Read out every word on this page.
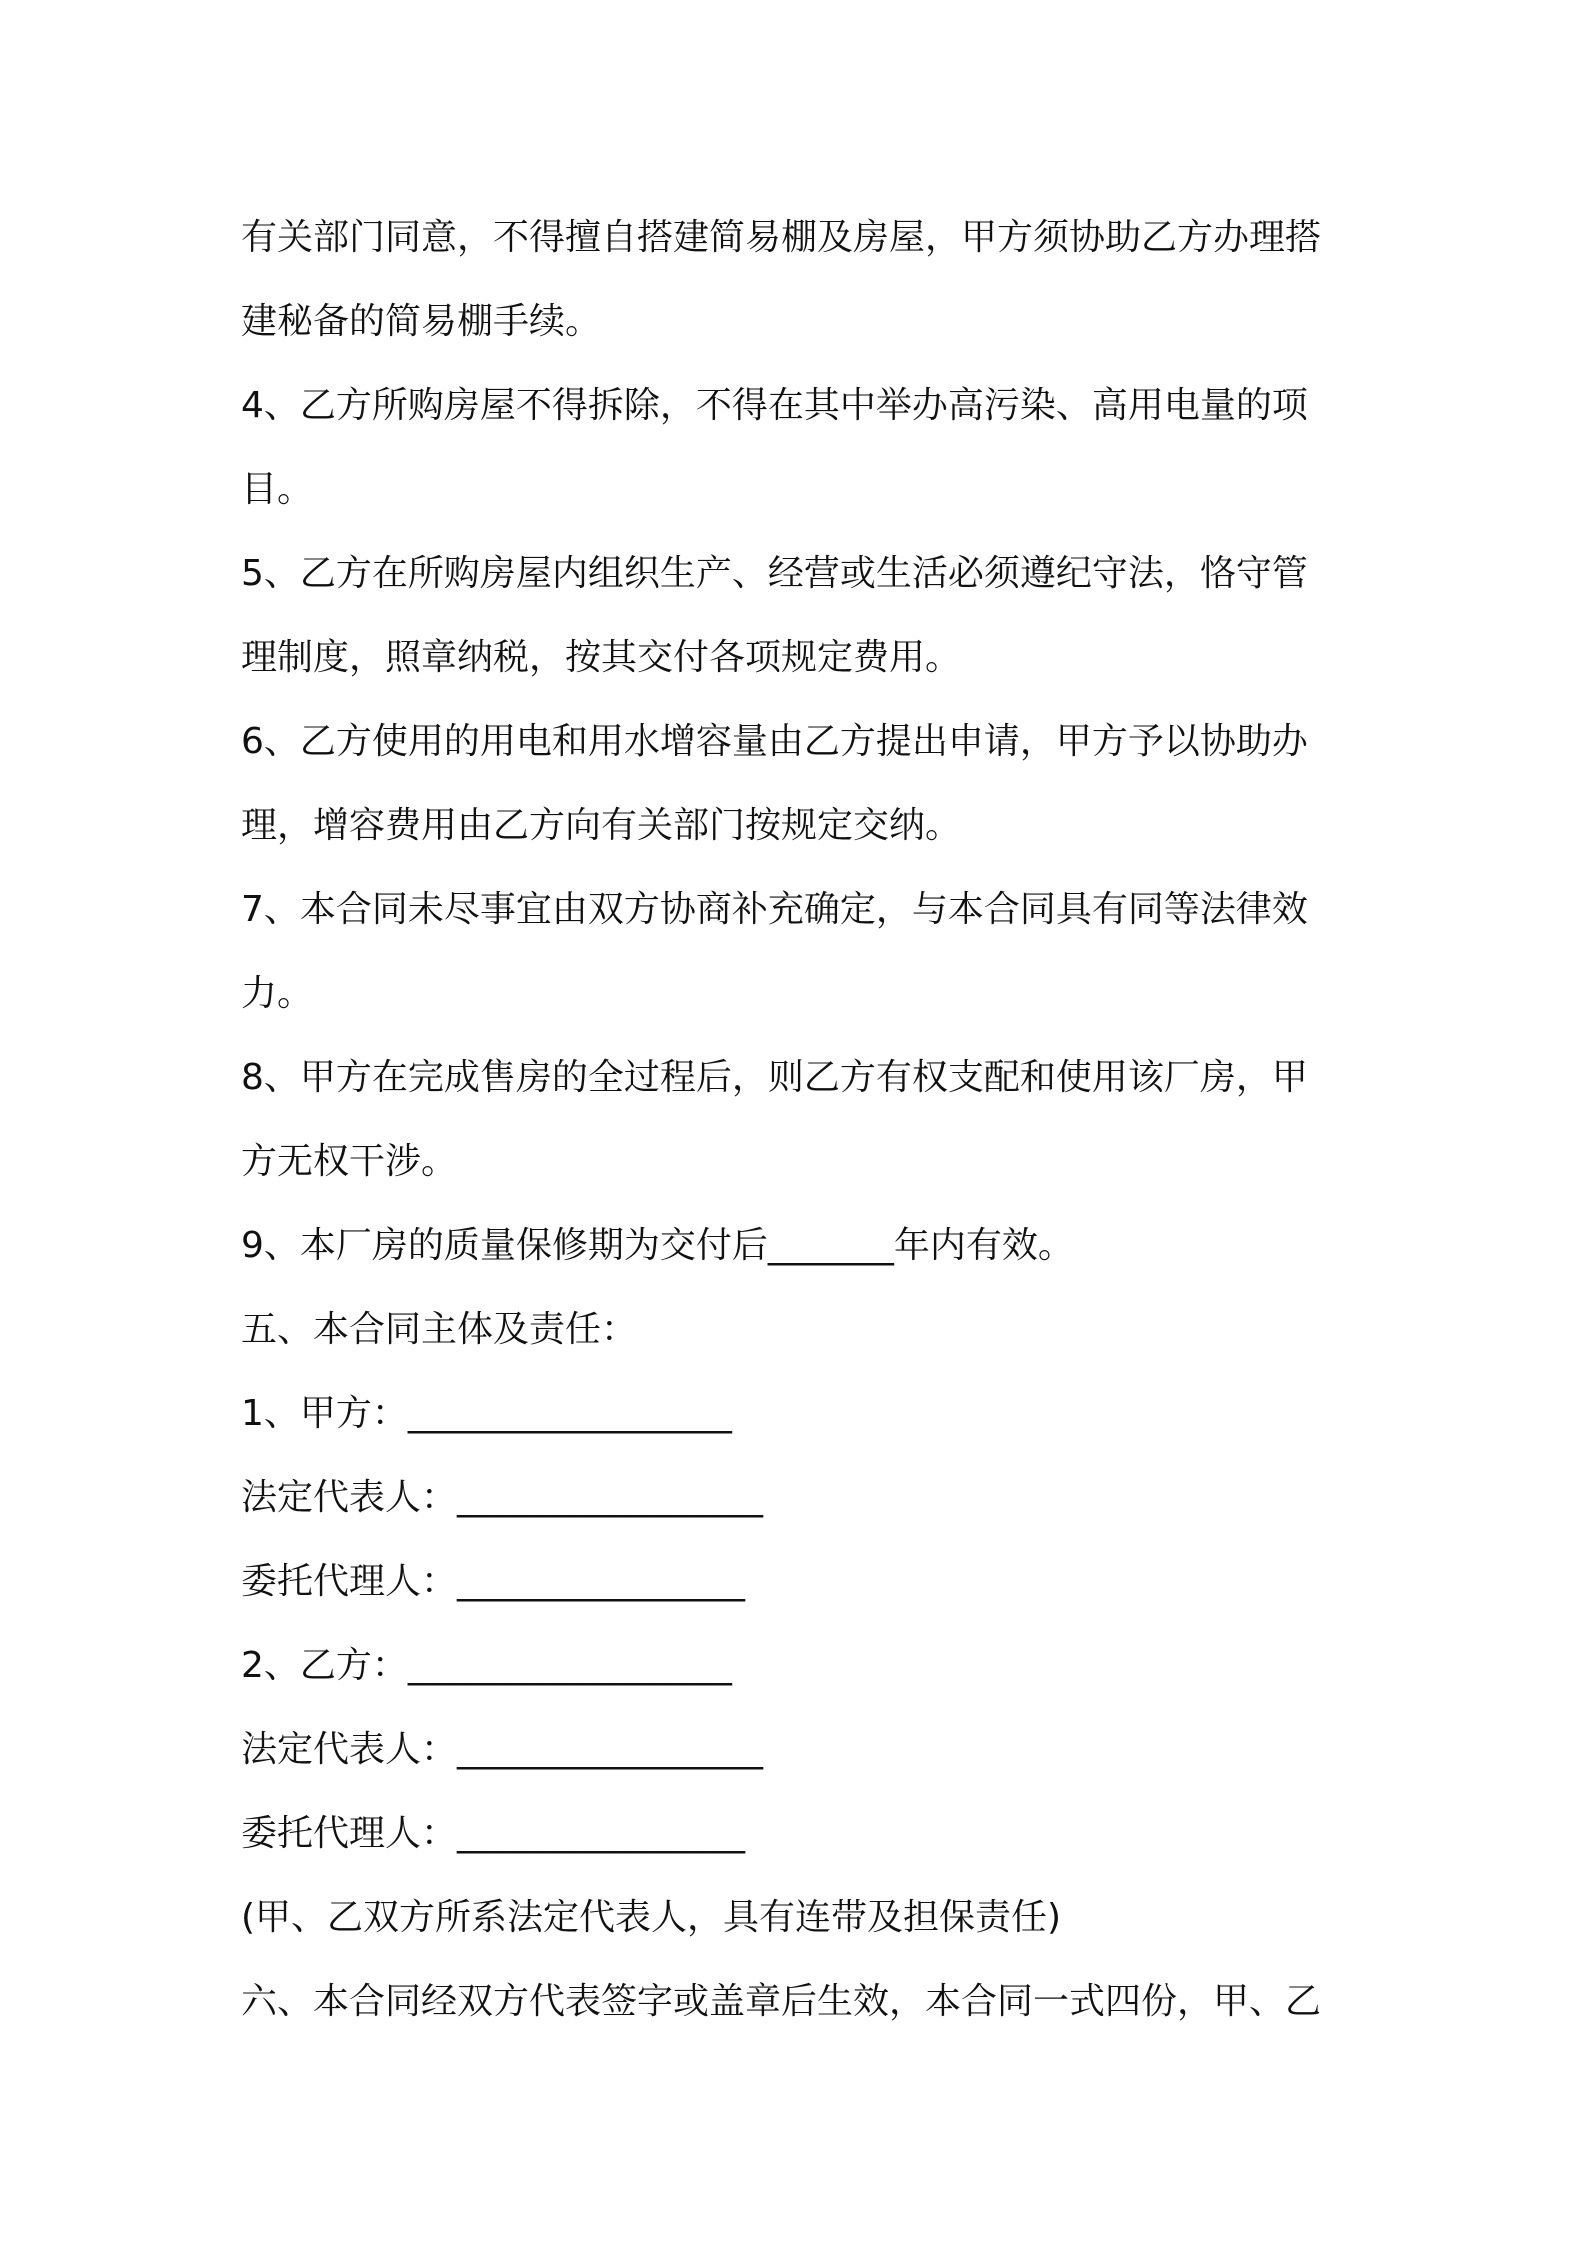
有关部门同意，不得擅自搭建简易棚及房屋，甲方须协助乙方办理搭
建秘备的简易棚手续。
4、乙方所购房屋不得拆除，不得在其中举办高污染、高用电量的项
目。
5、乙方在所购房屋内组织生产、经营或生活必须遵纪守法，恪守管
理制度，照章纳税，按其交付各项规定费用。
6、乙方使用的用电和用水增容量由乙方提出申请，甲方予以协助办
理，增容费用由乙方向有关部门按规定交纳。
7、本合同未尽事宜由双方协商补充确定，与本合同具有同等法律效
力。
8、甲方在完成售房的全过程后，则乙方有权支配和使用该厂房，甲
方无权干涉。
9、本厂房的质量保修期为交付后_______年内有效。
五、本合同主体及责任：
1、甲方：__________________
法定代表人：_________________
委托代理人：________________
2、乙方：__________________
法定代表人：_________________
委托代理人：________________
(甲、乙双方所系法定代表人，具有连带及担保责任)
六、本合同经双方代表签字或盖章后生效，本合同一式四份，甲、乙
